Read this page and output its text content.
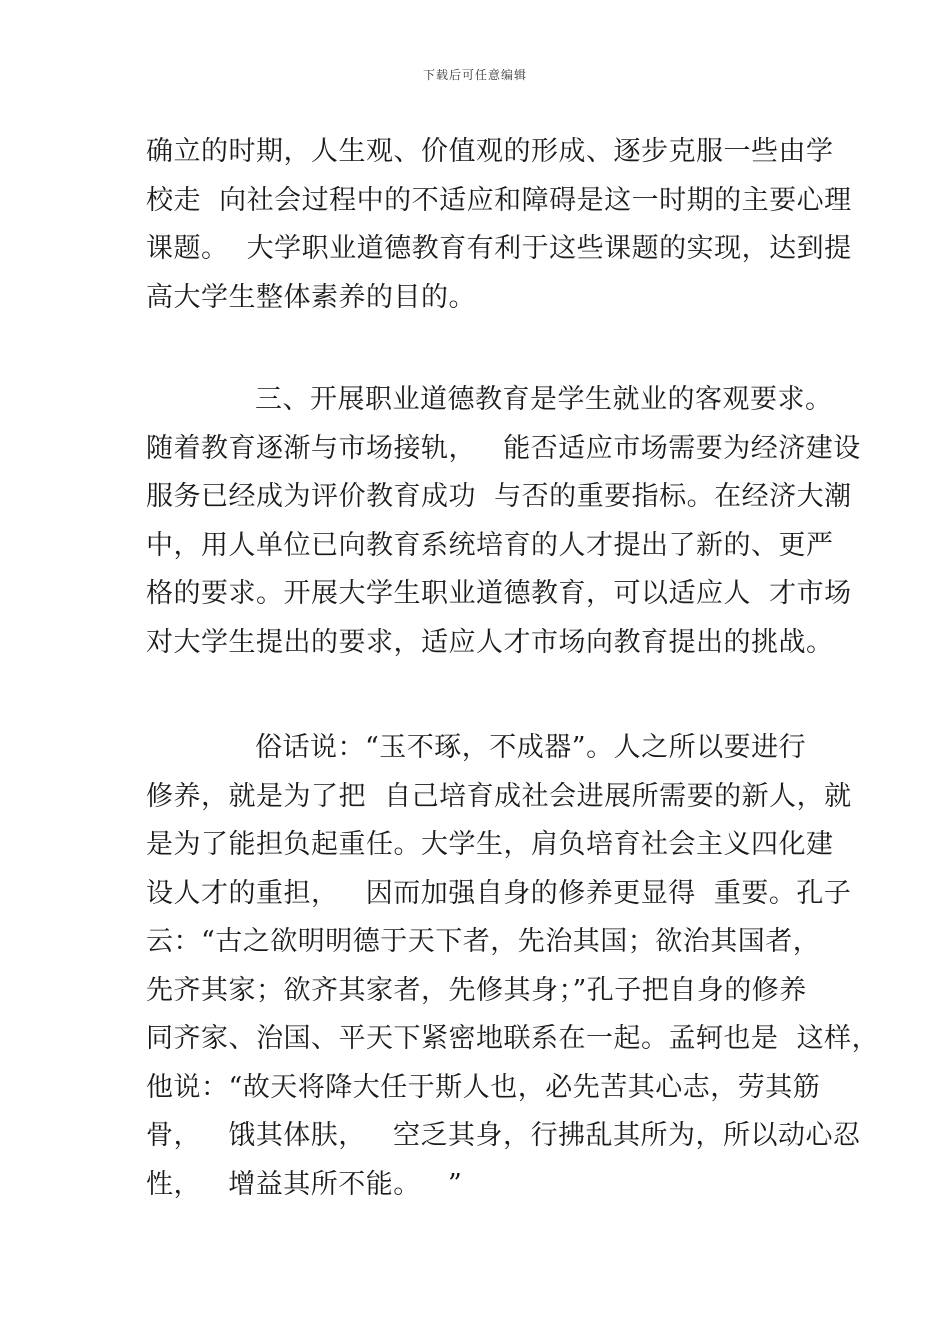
下载后可任意编辑
确立的时期，人生观、价值观的形成、逐步克服一些由学
校走  向社会过程中的不适应和障碍是这一时期的主要心理
课题。  大学职业道德教育有利于这些课题的实现，达到提
高大学生整体素养的目的。
三、开展职业道德教育是学生就业的客观要求。
随着教育逐渐与市场接轨，   能否适应市场需要为经济建设
服务已经成为评价教育成功  与否的重要指标。在经济大潮
中，用人单位已向教育系统培育的人才提出了新的、更严
格的要求。开展大学生职业道德教育，可以适应人  才市场
对大学生提出的要求，适应人才市场向教育提出的挑战。
俗话说：“玉不琢，不成器”。人之所以要进行
修养，就是为了把  自己培育成社会进展所需要的新人，就
是为了能担负起重任。大学生，肩负培育社会主义四化建
设人才的重担，   因而加强自身的修养更显得  重要。孔子
云：“古之欲明明德于天下者，先治其国；欲治其国者，
先齐其家；欲齐其家者，先修其身；”孔子把自身的修养
同齐家、治国、平天下紧密地联系在一起。孟轲也是  这样，
他说：“故天将降大任于斯人也，必先苦其心志，劳其筋
骨，   饿其体肤，   空乏其身，行拂乱其所为，所以动心忍
性，   增益其所不能。   ”
